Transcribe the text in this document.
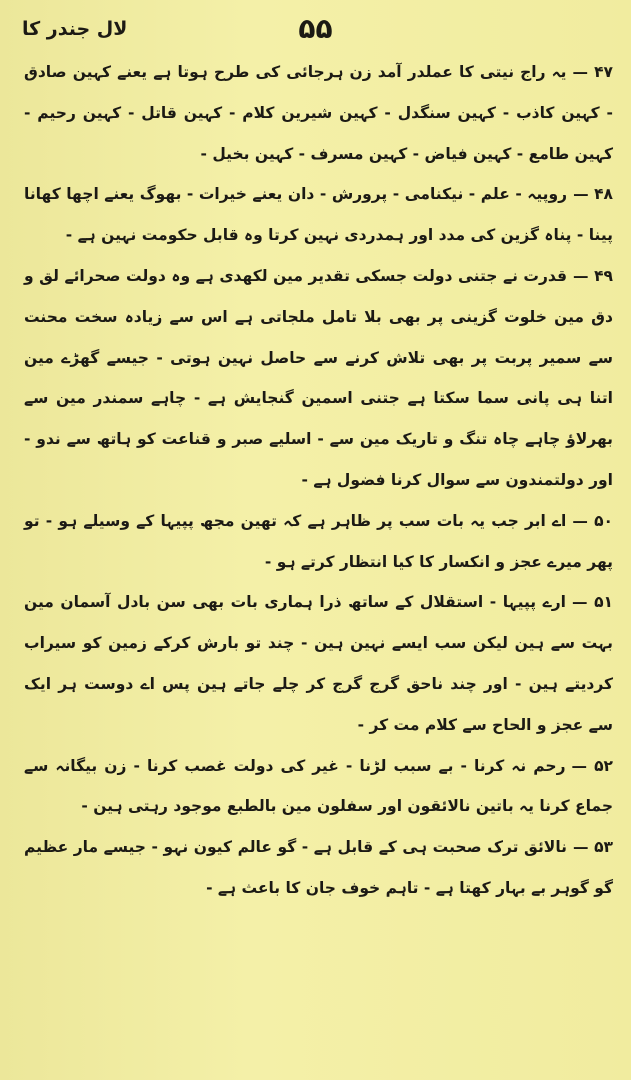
لال جندر کا	۵۵

۴۷ —یہ راج نیتی کا عملدر آمد زن ہرجائی کی طرح ہوتا ہے یعنے کہین صادق - کہین کاذب - کہین سنگدل - کہین شیرین کلام - کہین قاتل - کہین رحیم - کہین طامع - کہین فیاض - کہین مسرف - کہین بخیل -

۴۸ —روپیہ - علم - نیکنامی - پرورش - دان یعنے خیرات - بھوگ یعنے اچھا کھانا پینا - پناہ گزین کی مدد اور ہمدردی نہین کرتا وہ قابل حکومت نہین ہے -

۴۹ —قدرت نے جتنی دولت جسکی تقدیر مین لکھدی ہے وہ دولت صحرائے لق و دق مین خلوت گزینی پر بھی بلا تامل ملجاتی ہے اس سے زیادہ سخت محنت سے سمیر پربت پر بھی تلاش کرنے سے حاصل نہین ہوتی - جیسے گھڑے مین اتنا ہی پانی سما سکتا ہے جتنی اسمین گنجایش ہے - چاہے سمندر مین سے بھرلاؤ چاہے چاہ تنگ و تاریک مین سے - اسلیے صبر و قناعت کو ہاتھ سے ندو - اور دولتمندون سے سوال کرنا فضول ہے -

۵۰ —اے ابر جب یہ بات سب پر ظاہر ہے کہ تھین مجھ پپیہا کے وسیلے ہو - تو پھر میرے عجز و انکسار کا کیا انتظار کرتے ہو -

۵۱ —ارے پپیہا - استقلال کے ساتھ ذرا ہماری بات بھی سن بادل آسمان مین بہت سے ہین لیکن سب ایسے نہین ہین - چند تو بارش کرکے زمین کو سیراب کردیتے ہین - اور چند ناحق گرج گرج کر چلے جاتے ہین پس اے دوست ہر ایک سے عجز و الحاح سے کلام مت کر -

۵۲ —رحم نہ کرنا - بے سبب لڑنا - غیر کی دولت غصب کرنا - زن بیگانہ سے جماع کرنا یہ باتین نالائقون اور سفلون مین بالطبع موجود رہتی ہین -

۵۳ —نالائق ترک صحبت ہی کے قابل ہے - گو عالم کیون نہو - جیسے مار عظیم گو گوہر بے بہار کھتا ہے - تاہم خوف جان کا باعث ہے -
